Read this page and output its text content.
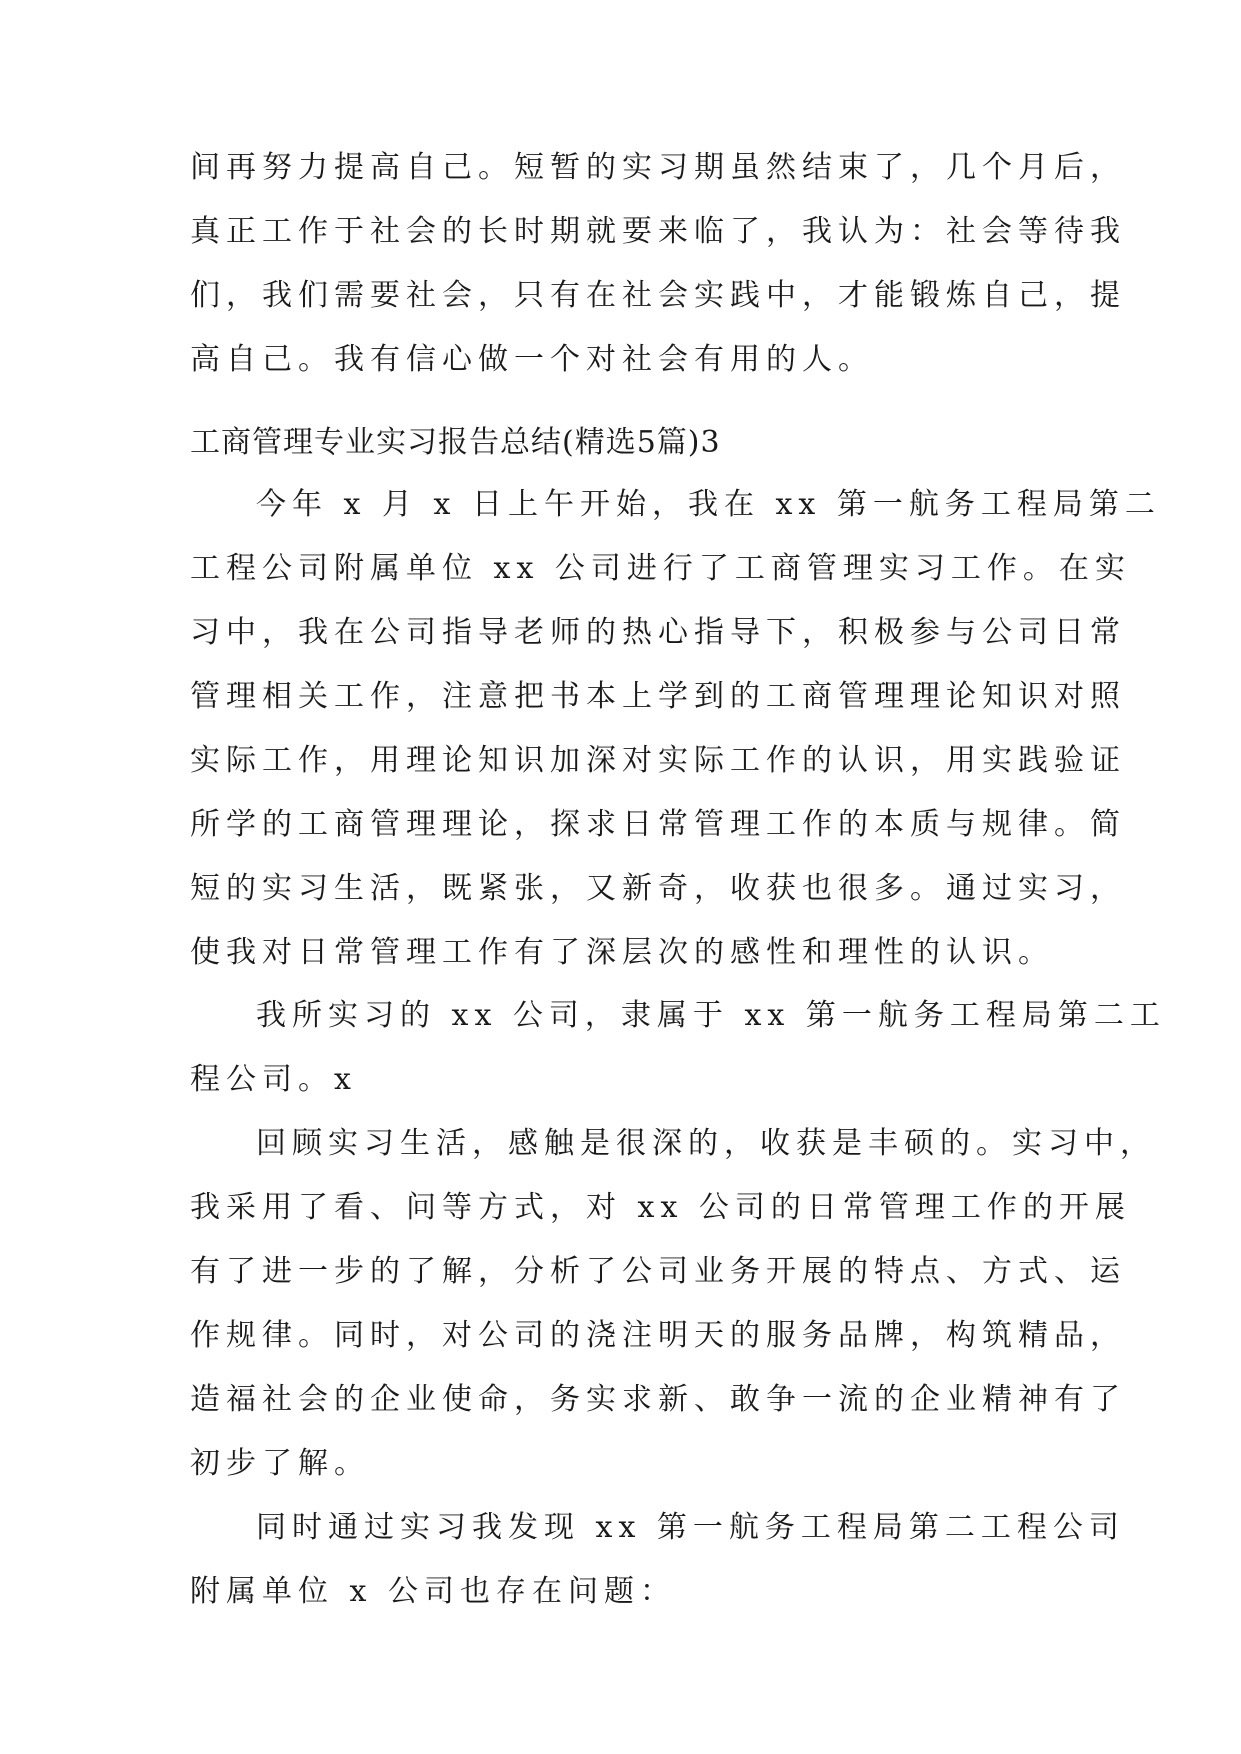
间再努力提高自己。短暂的实习期虽然结束了，几个月后，
真正工作于社会的长时期就要来临了，我认为：社会等待我
们，我们需要社会，只有在社会实践中，才能锻炼自己，提
高自己。我有信心做一个对社会有用的人。
工商管理专业实习报告总结(精选5篇)3
今年 x 月 x 日上午开始，我在 xx 第一航务工程局第二
工程公司附属单位 xx 公司进行了工商管理实习工作。在实
习中，我在公司指导老师的热心指导下，积极参与公司日常
管理相关工作，注意把书本上学到的工商管理理论知识对照
实际工作，用理论知识加深对实际工作的认识，用实践验证
所学的工商管理理论，探求日常管理工作的本质与规律。简
短的实习生活，既紧张，又新奇，收获也很多。通过实习，
使我对日常管理工作有了深层次的感性和理性的认识。
我所实习的 xx 公司，隶属于 xx 第一航务工程局第二工
程公司。x
回顾实习生活，感触是很深的，收获是丰硕的。实习中，
我采用了看、问等方式，对 xx 公司的日常管理工作的开展
有了进一步的了解，分析了公司业务开展的特点、方式、运
作规律。同时，对公司的浇注明天的服务品牌，构筑精品，
造福社会的企业使命，务实求新、敢争一流的企业精神有了
初步了解。
同时通过实习我发现 xx 第一航务工程局第二工程公司
附属单位 x 公司也存在问题：
